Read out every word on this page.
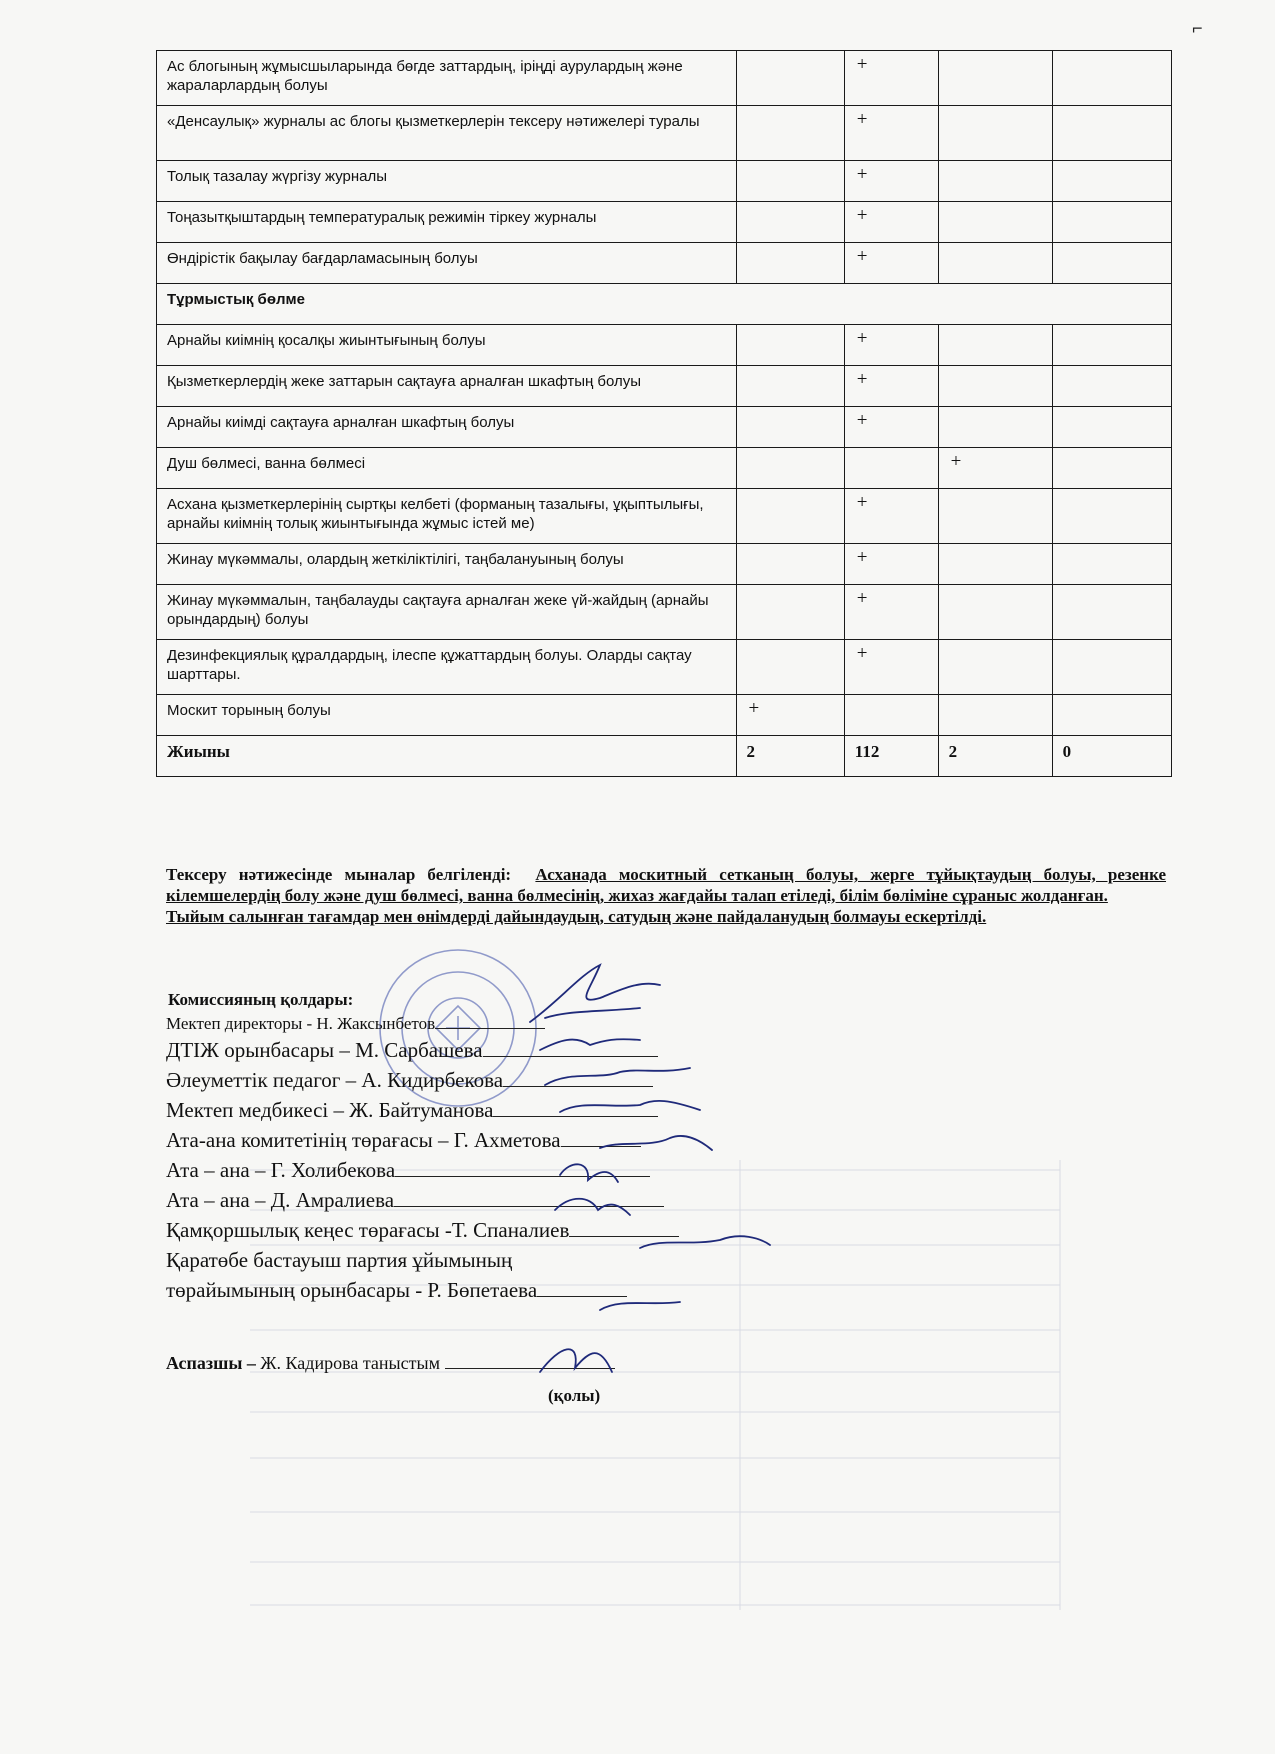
Ас блогының жұмысшыларында бөгде заттардың, іріңді аурулардың және жараларлардың болуы		+		
«Денсаулық» журналы ас блогы қызметкерлерін тексеру нәтижелері туралы		+		
Толық тазалау жүргізу журналы		+		
Тоңазытқыштардың температуралық режимін тіркеу журналы		+		
Өндірістік бақылау бағдарламасының болуы		+		
Тұрмыстық бөлме				
Арнайы киімнің қосалқы жиынтығының болуы		+		
Қызметкерлердің жеке заттарын сақтауға арналған шкафтың болуы		+		
Арнайы киімді сақтауға арналған шкафтың болуы		+		
Душ бөлмесі, ванна бөлмесі			+	
Асхана қызметкерлерінің сыртқы келбеті (форманың тазалығы, ұқыптылығы, арнайы киімнің толық жиынтығында жұмыс істей ме)		+		
Жинау мүкәммалы, олардың жеткіліктілігі, таңбалануының болуы		+		
Жинау мүкәммалын, таңбалауды сақтауға арналған жеке үй-жайдың (арнайы орындардың) болуы		+		
Дезинфекциялық құралдардың, ілеспе құжаттардың болуы. Оларды сақтау шарттары.		+		
Москит торының болуы	+			
Жиыны	2	112	2	0
Тексеру нәтижесінде мыналар белгіленді: Асханада москитный сетканың болуы, жерге тұйықтаудың болуы, резенке кілемшелердің болу және душ бөлмесі, ванна бөлмесінің, жихаз жағдайы талап етіледі, білім бөліміне сұраныс жолданған.
Тыйым салынған тағамдар мен өнімдерді дайындаудың, сатудың және пайдаланудың болмауы ескертілді.
Комиссияның қолдары:
Мектеп директоры - Н. Жаксынбетов
ДТІЖ орынбасары – М. Сарбашева
Әлеуметтік педагог – А. Кидирбекова
Мектеп медбикесі – Ж. Байтуманова
Ата-ана комитетінің төрағасы – Г. Ахметова
Ата – ана – Г. Холибекова
Ата – ана – Д. Амралиева
Қамқоршылық кеңес төрағасы -Т. Спаналиев
Қаратөбе бастауыш партия ұйымының
төрайымының орынбасары - Р. Бөпетаева
Аспазшы – Ж. Кадирова таныстым
(қолы)
⌐
